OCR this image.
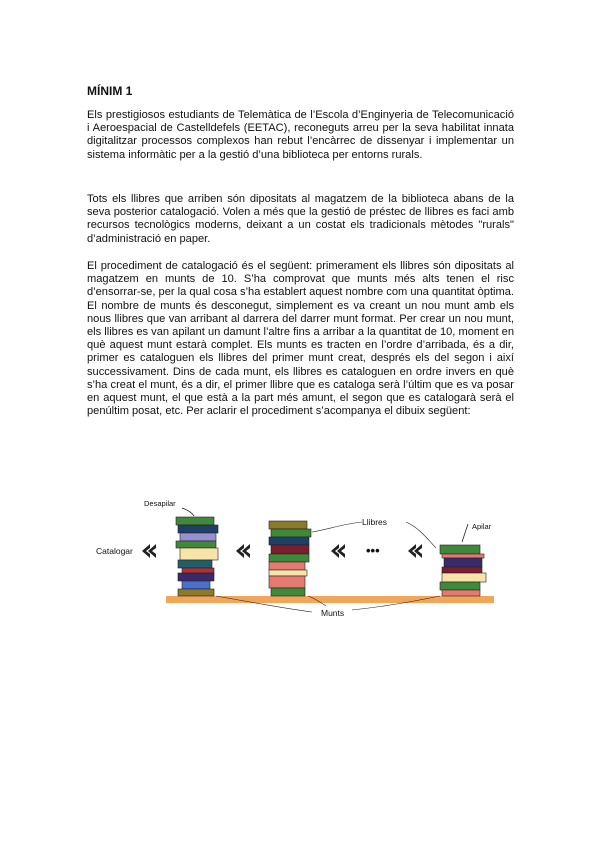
MÍNIM 1

Els prestigiosos estudiants de Telemàtica de l’Escola d’Enginyeria de Telecomunicació i Aeroespacial de Castelldefels (EETAC), reconeguts arreu per la seva habilitat innata digitalitzar processos complexos han rebut l’encàrrec de dissenyar i implementar un sistema informàtic per a la gestió d’una biblioteca per entorns rurals.

Tots els llibres que arriben són dipositats al magatzem de la biblioteca abans de la seva posterior catalogació. Volen a més que la gestió de préstec de llibres es faci amb recursos tecnològics moderns, deixant a un costat els tradicionals mètodes "rurals" d’administració en paper.

El procediment de catalogació és el següent: primerament els llibres són dipositats al magatzem en munts de 10. S’ha comprovat que munts més alts tenen el risc d’ensorrar-se, per la qual cosa s’ha establert aquest nombre com una quantitat òptima. El nombre de munts és desconegut, simplement es va creant un nou munt amb els nous llibres que van arribant al darrera del darrer munt format. Per crear un nou munt, els llibres es van apilant un damunt l’altre fins a arribar a la quantitat de 10, moment en què aquest munt estarà complet. Els munts es tracten en l’ordre d’arribada, és a dir, primer es cataloguen els llibres del primer munt creat, després els del segon i així successivament. Dins de cada munt, els llibres es cataloguen en ordre invers en què s’ha creat el munt, és a dir, el primer llibre que es cataloga serà l’últim que es va posar en aquest munt, el que està a la part més amunt, el segon que es catalogarà serà el penúltim posat, etc. Per aclarir el procediment s’acompanya el dibuix següent:

Desapilar
Llibres	Apilar
Catalogar
Munts
•••
